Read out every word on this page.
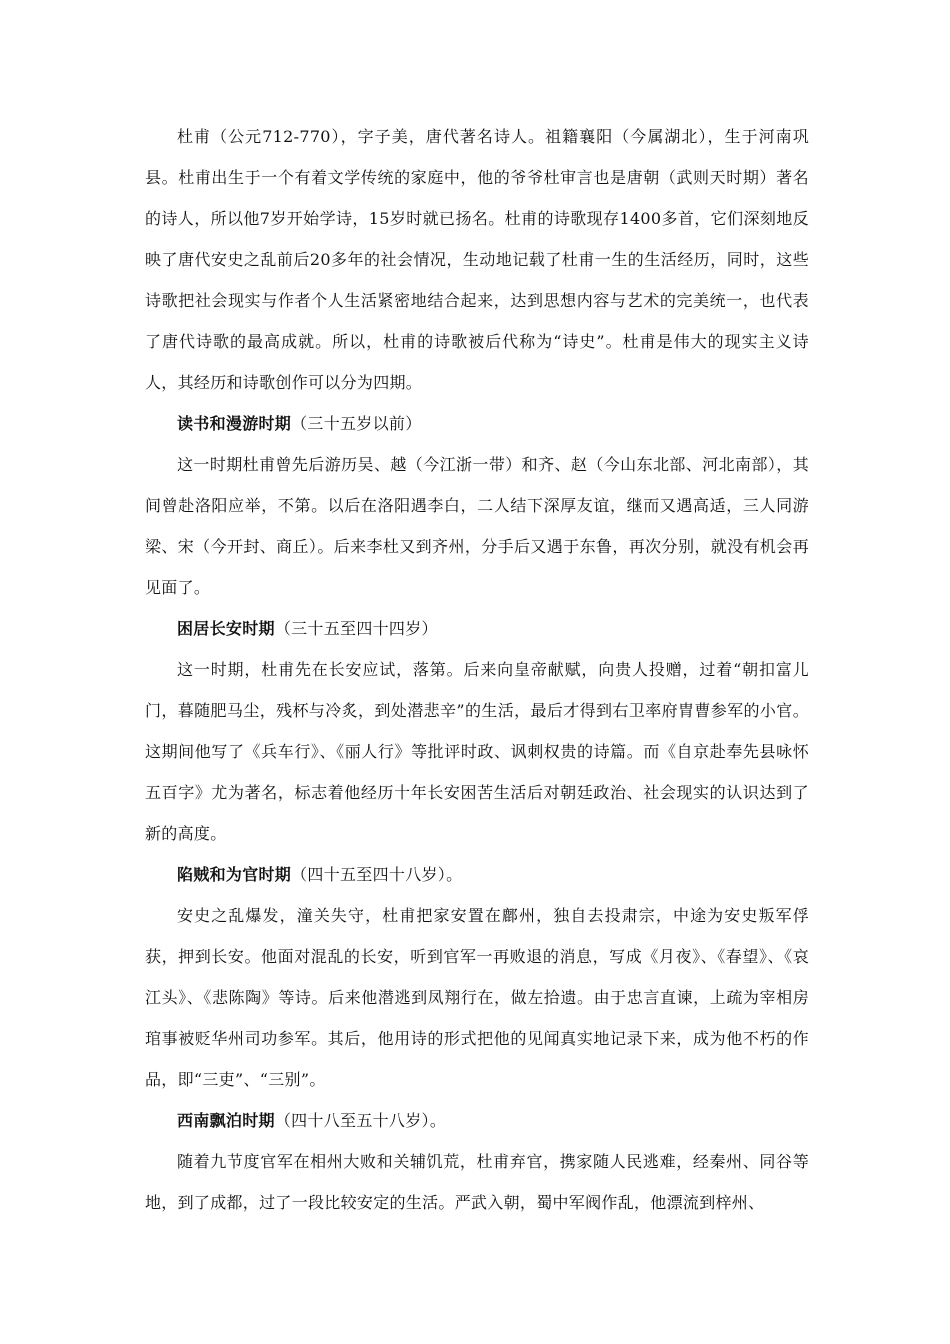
杜甫（公元712-770），字子美，唐代著名诗人。祖籍襄阳（今属湖北），生于河南巩县。杜甫出生于一个有着文学传统的家庭中，他的爷爷杜审言也是唐朝（武则天时期）著名的诗人，所以他7岁开始学诗，15岁时就已扬名。杜甫的诗歌现存1400多首，它们深刻地反映了唐代安史之乱前后20多年的社会情况，生动地记载了杜甫一生的生活经历，同时，这些诗歌把社会现实与作者个人生活紧密地结合起来，达到思想内容与艺术的完美统一，也代表了唐代诗歌的最高成就。所以，杜甫的诗歌被后代称为“诗史”。杜甫是伟大的现实主义诗人，其经历和诗歌创作可以分为四期。

读书和漫游时期（三十五岁以前）

这一时期杜甫曾先后游历吴、越（今江浙一带）和齐、赵（今山东北部、河北南部），其间曾赴洛阳应举，不第。以后在洛阳遇李白，二人结下深厚友谊，继而又遇高适，三人同游梁、宋（今开封、商丘）。后来李杜又到齐州，分手后又遇于东鲁，再次分别，就没有机会再见面了。

困居长安时期（三十五至四十四岁）

这一时期，杜甫先在长安应试，落第。后来向皇帝献赋，向贵人投赠，过着“朝扣富儿门，暮随肥马尘，残杯与冷炙，到处潜悲辛”的生活，最后才得到右卫率府胄曹参军的小官。这期间他写了《兵车行》、《丽人行》等批评时政、讽刺权贵的诗篇。而《自京赴奉先县咏怀五百字》尤为著名，标志着他经历十年长安困苦生活后对朝廷政治、社会现实的认识达到了新的高度。

陷贼和为官时期（四十五至四十八岁）。

安史之乱爆发，潼关失守，杜甫把家安置在鄜州，独自去投肃宗，中途为安史叛军俘获，押到长安。他面对混乱的长安，听到官军一再败退的消息，写成《月夜》、《春望》、《哀江头》、《悲陈陶》等诗。后来他潜逃到凤翔行在，做左拾遗。由于忠言直谏，上疏为宰相房琯事被贬华州司功参军。其后，他用诗的形式把他的见闻真实地记录下来，成为他不朽的作品，即“三吏”、“三别”。

西南飘泊时期（四十八至五十八岁）。

随着九节度官军在相州大败和关辅饥荒，杜甫弃官，携家随人民逃难，经秦州、同谷等地，到了成都，过了一段比较安定的生活。严武入朝，蜀中军阀作乱，他漂流到梓州、
